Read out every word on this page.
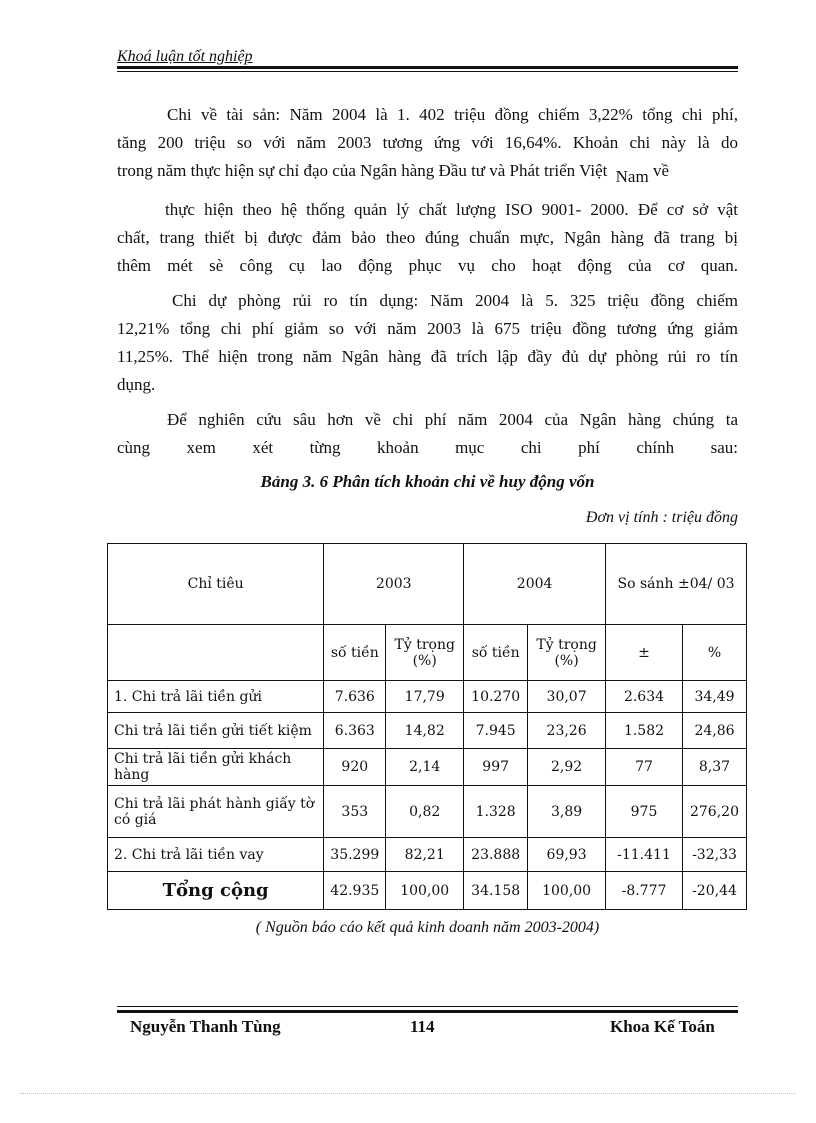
Khoá luận tốt nghiệp
Chi về tài sản: Năm 2004 là 1. 402 triệu đồng chiếm 3,22% tổng chi phí,
tăng 200 triệu so với năm 2003 tương ứng với 16,64%. Khoản chi này là do
trong năm thực hiện sự chỉ đạo của Ngân hàng Đầu tư và Phát triển Việt Nam về
thực hiện theo hệ thống quản lý chất lượng ISO 9001- 2000. Để cơ sở vật
chất, trang thiết bị được đảm bảo theo đúng chuẩn mực, Ngân hàng đã trang bị
thêm mét sè công cụ lao động phục vụ cho hoạt động của cơ quan.
Chi dự phòng rủi ro tín dụng: Năm 2004 là 5. 325 triệu đồng chiếm
12,21% tổng chi phí giảm so với năm 2003 là 675 triệu đồng tương ứng giảm
11,25%. Thể hiện trong năm Ngân hàng đã trích lập đầy đủ dự phòng rủi ro tín
dụng.
Để nghiên cứu sâu hơn về chi phí năm 2004 của Ngân hàng chúng ta
cùng xem xét từng khoản mục chi phí chính sau:
Bảng 3. 6 Phân tích khoản chi về huy động vốn
Đơn vị tính : triệu đồng
Chỉ tiêu	2003		2004		So sánh ±04/ 03	
	số tiền	Tỷ trọng (%)	số tiền	Tỷ trọng (%)	±	%
1. Chi trả lãi tiền gửi	7.636	17,79	10.270	30,07	2.634	34,49
Chi trả lãi tiền gửi tiết kiệm	6.363	14,82	7.945	23,26	1.582	24,86
Chi trả lãi tiền gửi khách hàng	920	2,14	997	2,92	77	8,37
Chi trả lãi phát hành giấy tờ có giá	353	0,82	1.328	3,89	975	276,20
2. Chi trả lãi tiền vay	35.299	82,21	23.888	69,93	-11.411	-32,33
Tổng cộng	42.935	100,00	34.158	100,00	-8.777	-20,44
( Nguồn báo cáo kết quả kinh doanh năm 2003-2004)
Nguyễn Thanh Tùng	114	Khoa Kế Toán
